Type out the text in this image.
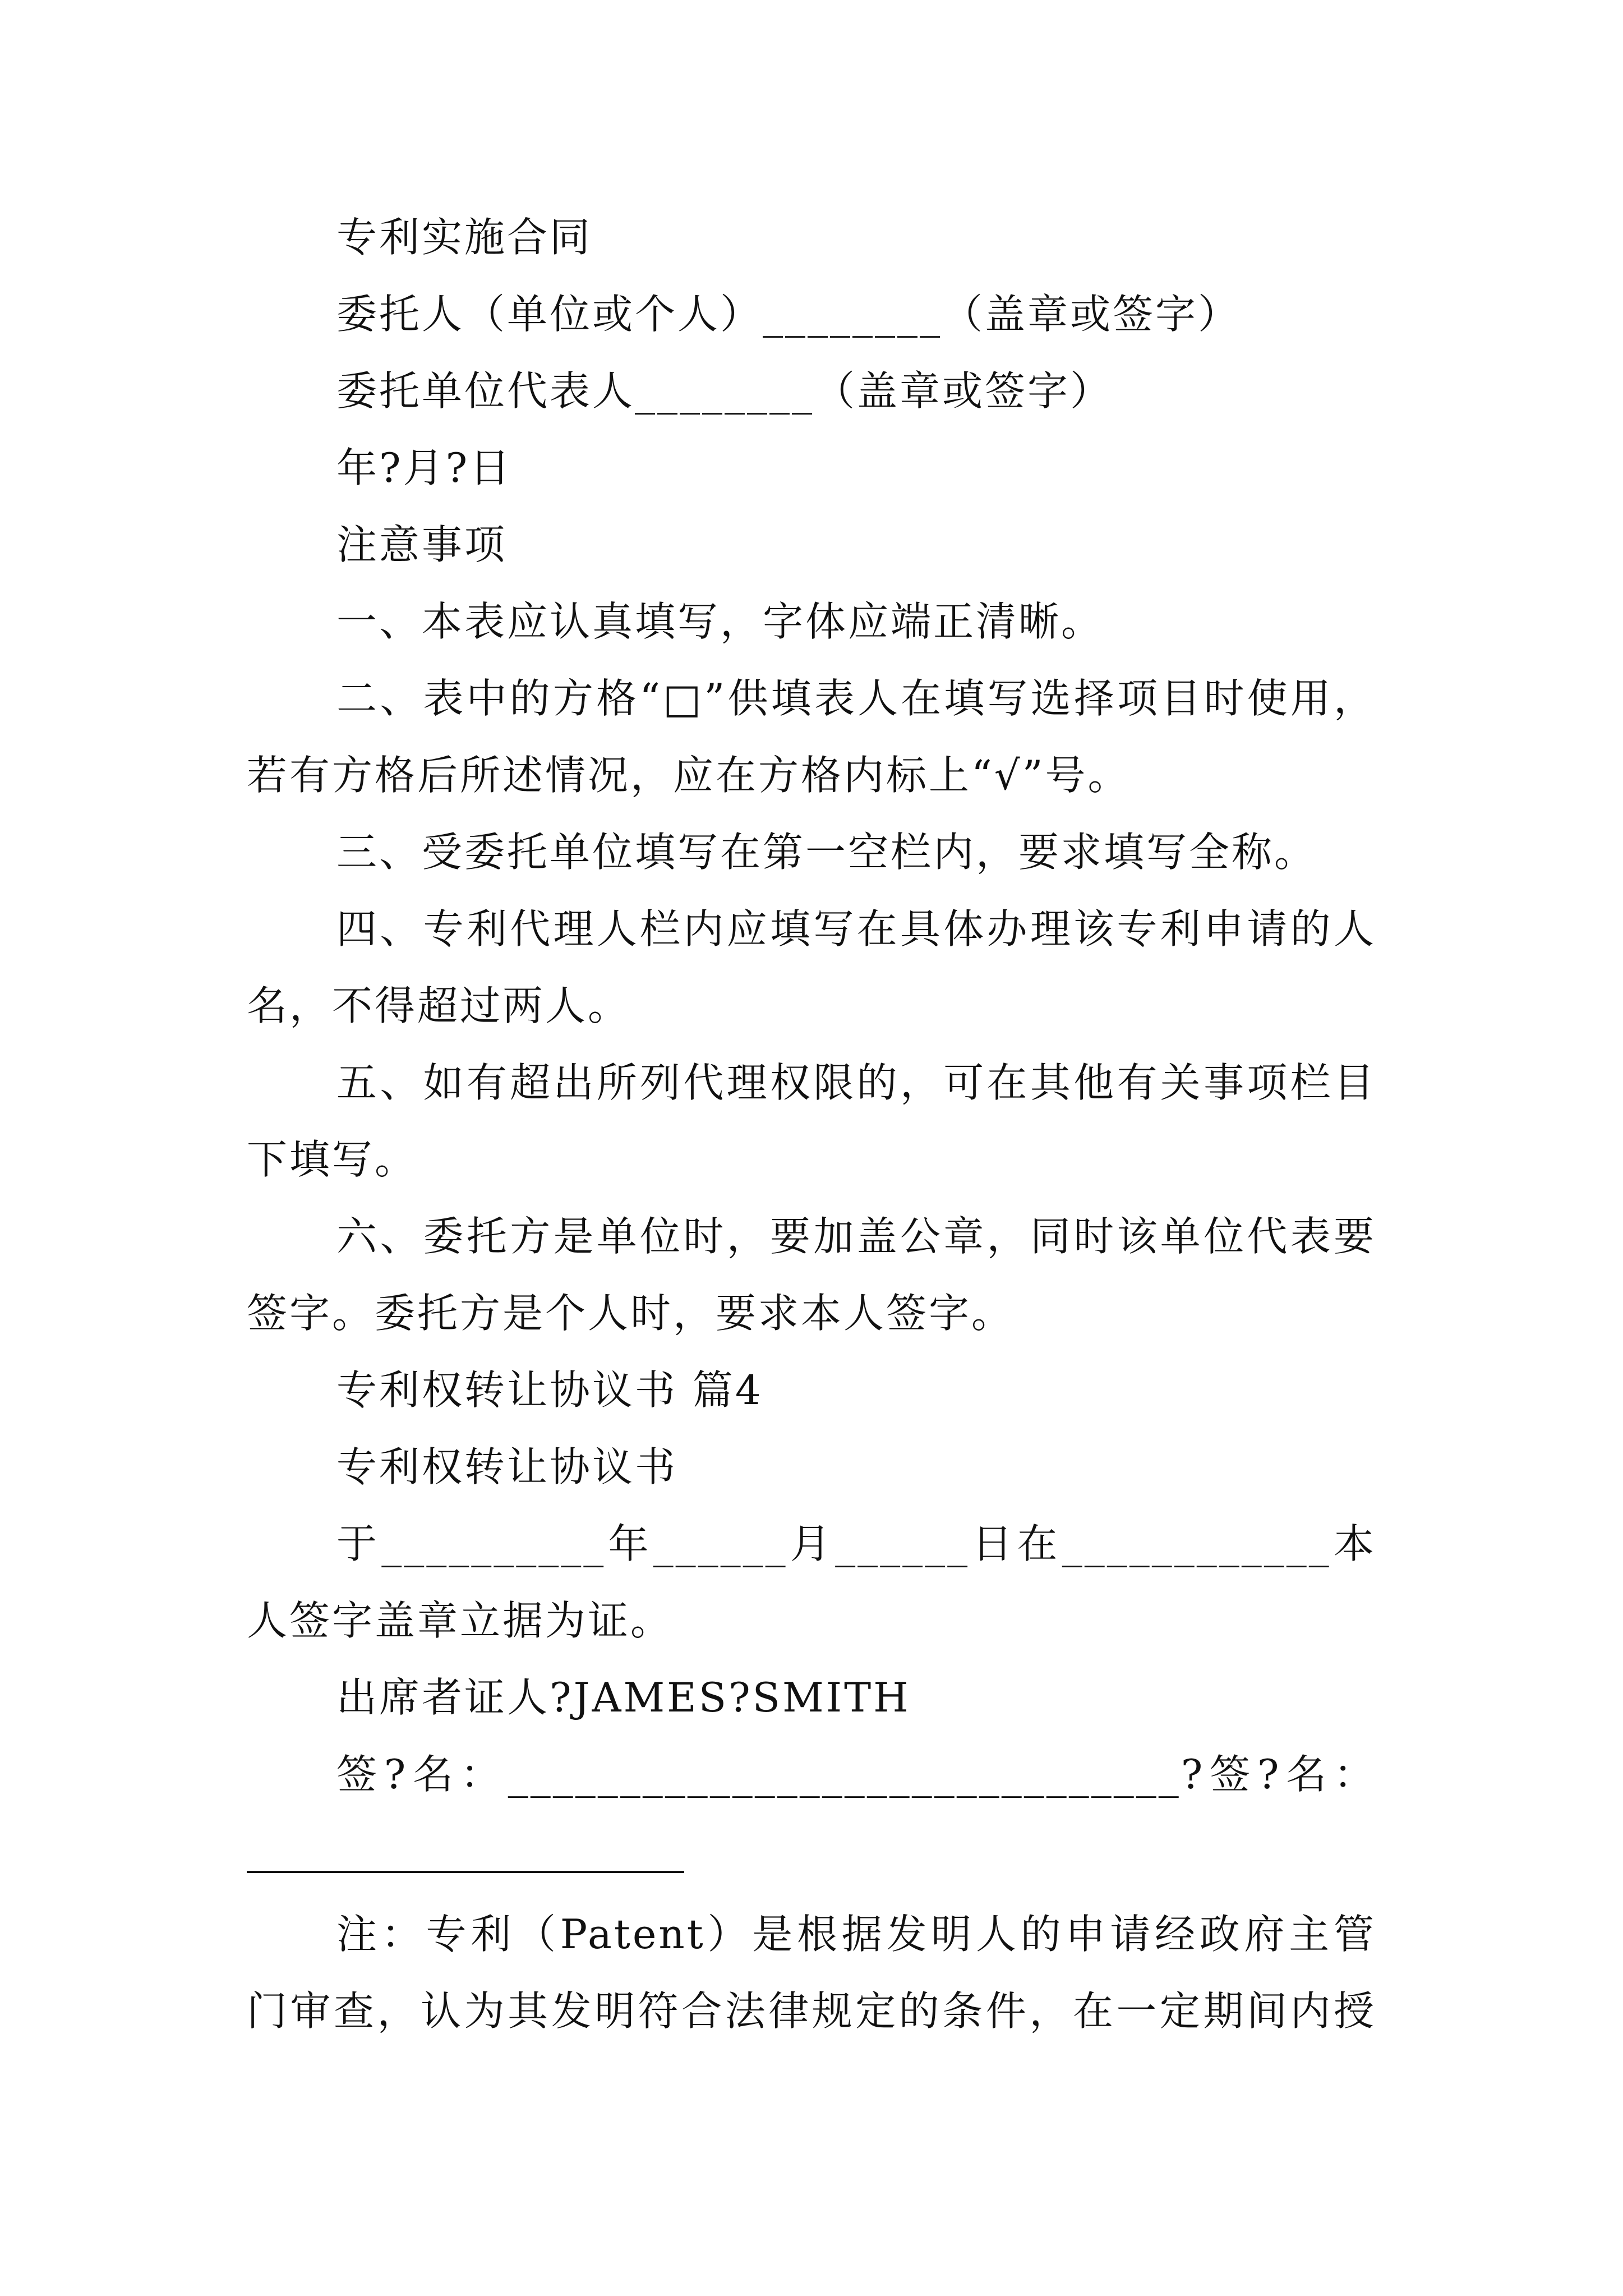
专利实施合同

委托人（单位或个人）________（盖章或签字）

委托单位代表人________（盖章或签字）

年?月?日

注意事项

一、本表应认真填写，字体应端正清晰。

二、表中的方格“□”供填表人在填写选择项目时使用，

若有方格后所述情况，应在方格内标上“√”号。

三、受委托单位填写在第一空栏内，要求填写全称。

四、专利代理人栏内应填写在具体办理该专利申请的人

名，不得超过两人。

五、如有超出所列代理权限的，可在其他有关事项栏目

下填写。

六、委托方是单位时，要加盖公章，同时该单位代表要

签字。委托方是个人时，要求本人签字。

专利权转让协议书 篇4

专利权转让协议书

于__________年______月______日在____________本

人签字盖章立据为证。

出席者证人?JAMES?SMITH

签?名：______________________________?签?名：

注：专利（Patent）是根据发明人的申请经政府主管

门审查，认为其发明符合法律规定的条件，在一定期间内授
